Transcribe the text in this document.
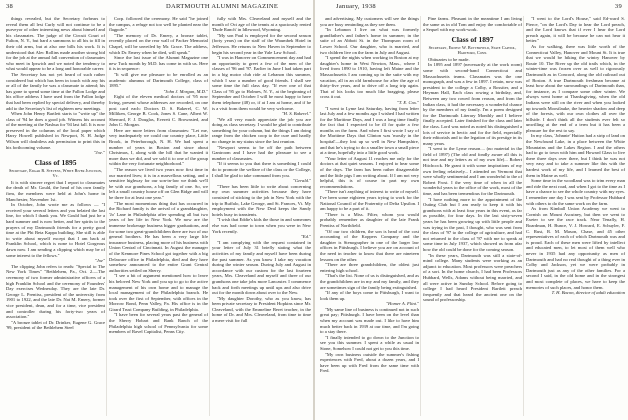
38	DARTMOUTH ALUMNI MAGAZINE	January, 1938	39

things revealed, but the Secretary forbears to reveal them all lest Curly will not continue to be a purveyor of other interesting news about himself and his classmates. The judge of the Circuit Court of Fulton, N. Y., but hard a summons to all his to fill in their old arms, but at also one bills his work. It is understood that Alec Rollins made another strong bid for the job at the annual fall convention of classmates who meet in Ipswich and we noted the tendency to what would appear to be a long and honorable career.

The Secretary has not yet heard of such rather considered but which has been in touch with any his or all of the family he was a classmate to attend; his has gone to spend some time at the Fallon Lodge and his office address I have used from the Fallon lodge that had been replied by special delivery, and thereby add to the Secretary's list of eighteen new meetings.

When John Henry Bartlett starts to "write up" the class of '94 he does a good job. Witness his account of the meeting at the Nashua for '94 last fall. It is now preserved in the columns of the local paper which Harry Howell published in Newport, N. H. Judge Wilson will doubtless ask permission to print this in his forthcoming volume.

"Joe."
Class of 1895
Secretary, Edgar R. Stevens, White River Junction, Vt.

It is with sincere regret that I report to classmates the death of Mr. Gould, the head of his own family firm, the members were held at John's home in Manchester, November 1st.

In October, John wrote me as follows — "I received your several letters and you belated the last line, for which I thank you. We Gould had just he a hard summer and is now better, and her spirits to the prayers of my Dartmouth friends for a pretty good time at the Phi Beta Kappa building. She still is able to write about myself except that I am back at Franklin School, which is none to Hotel Gorgeous dawn now. I am sending a clipping which may be of some interest to the fellows."

"Joe"

The clipping John refers to reads: "Special to The New York Times" "Bethlehem, Pa., Oct. 2.—The ceremony of two former administrative officers of a high Franklin School and the ceremony of Founders' Day exercises Wednesday. They are the late Dr. George L. Prentiss, president of the university from 1901 to 1922, and the late Dr. Nat M. Emery, former vice president, dean, and for a time, vice president and controller during his forty-two years of association."

"A bronze tablet of Dr. Drinker, Eugene G. Grace '99, president of the Bethlehem Steel

Corp. followed the ceremony. He said "he joined the campus, a refuge not too well be planted near the flagpole."

"The memory of Dr. Emery, a bronze tablet, recently placed on the rear wall of Packer Memorial Chapel, will be unveiled by Mr. Grace. The address, which Dr. Emery when he died, will speak."

Since the last issue of the Alumni Magazine one new Tuck month by M.D. has come in with us. Here it is in sequence:

"It will give me pleasure to be enrolled as an academic alumnus of Dartmouth College, class of 1895."

"John J. Morgan, M.D."

Eight of the eleven medical doctors of '95 now living, present whose addresses are recorded, on one post card each: Doctors D. S. Bakerel, C. W. Milliken, George B. Cook, Jones S. Cane, Albert W. Sherrard, F. J. Douglas, Everett C. Brownsted, and John C. Morgan.

Here are more letters from classmates: "Let me, very inadequately we could our country place, Little Brook, in Peterborough, N. H. We had spent a number of years in Boston and since about Christmas, I, along with the hill that he wanted it more than we did, and we sold it to one of the group within the very fortunate neighborhood."

"The reason we lived two years now first time in our married lives; it is in a marvellous setting, and a sensitive highway for our son-in-law we think we'll be with our grandsons, a big family of one. So, we left a small country house off on Glen Ridge and will be three for at least one year."

"The most momentous thing that has occurred in the Richard family is the arrival of a granddaughter, 'Jo' Lane in Philadelphia after spending all but two years of her life in New York. We now are the immense brokerage business bigger graduations, and for some two great-grandchildren there are two of our general brothers. He has been a very large life insurance business, placing more of his business with Union Central of Cincinnati. In August the manager of the Kenmore Pines School got together with a big Delaware office in Philadelphia, died and they have somehow announced to the entire Grant Central authorities settled on Sherry.

"I see a bit of argument mentioned how to leave his beloved New York and you up to go to the active management of his own home and to manage the local management of the Philadelphia branch. He took over the first of September, with offices in the Morrow Bond, Penn Valley, Pa. His office is in the Girard Trust Company Building, in Philadelphia.

"I have been for several years past the general of the Sherry Hobart and Bank Ranch of the Philadelphia high school of Pennsylvania for some members of Ravel Capitalist, Penns City.

fully with Mrs. Cleaveland and myself and the month of Oct age of the tennis at a spaciously rented 'Dude Ranch' in Idlewood, Wyoming.

"My son Paul is employed for the second season (forty years) on the staff of the Waumbek Hotel in Jefferson. He returns to New Haven in September to begin his second year in the Yale Law School.

"I was in Hanover on Commencement day and had an opportunity to greet a few of the men of the classes of '96 and '97. Earlier in June I had taken part in a big motor club ride at Lebanon this summer, which I saw a number of good friends. I shall see some time the full class day. "If ever one of that Class of '95 go to Holmes, N. Y., at the beginning of September and October I will be most happy to have them telephone (48) or, if at I am at home, and if he is a visit from them would be very welcome.

"H. S. Bakerel."

"We all very much appreciate the job you are doing as class secretary. I would be glad to contribute something for your column, but the things I am doing range from the chicken coop to the cure and hardly no change in my status since the last reunion.

"Newport seems to be off the path between Gantroom and I have had the pleasure to see a number of classmates.

"If it seems to you that there is something I could do to promote the welfare of the class or the College, I shall be glad to take command from you.

"Gerald."

"There has been little to write about concerning my own summer activities because they have consisted of sticking to the job in New York with the trip to Buffalo, Lake George, and St. Frances, Vt. My employment with the New Deal keeps the Sandy hotels busy in transients.

"I wish that Eddie's kids the those in and someones else was had come to town when you were in New York recently.

"Ed."

"I am complying with the request contained in your letter of July 31 briefly stating what the activities of my family and myself have been during the past summer. As you know I take my vacation during the winter season. During July and August in accordance with our custom for the last fourteen years, Mrs. Cleaveland and myself and three of our grandsons one take jobs more Lancaster. I commence back and forth meetings up until ups and also drive out for the month down about over to the New.

"My daughter Dorothy, who as you know, has been private secretary to President Hopkins since Mr. Cleaveland, with the Emmeline Beret teacher, in the home of Dr. and Mrs. Cleaveland, from time to time a mere visit for full

and advertising. My customers will see the things you are busy reminding as they see them.

"In Lebanon I live on what was formerly grandfather's and father's home in summer; in the suite of an Abbott St. in the Thompson room of Lower School. Our daughter, who is married, and two children live on the farm in July and August.

"I spend the nights when working in Boston at my daughter's home in West Newton, Mass., where I lived from 1890 to 1910, having left Maine and the Massachusetts I am coming up in the suite with my vacation, all in an old farmhouse for after the age of thirty-five years, and to drive off a long trip again. That of his looks too much like bragging, please cross it out.

"T. E. Cox."

"I went to Lyme last Saturday, having from letter last July and a few months ago I wished I had written for the Maritime Days, and I was a long time finally the fact that I expected to be ill for quite a few months on the farm. And when I first wrote I say of the Maritime Days that Clinton was 'mostly in the hospital'—they lost up so well in New Hampshire, and that he's trying to do a smaller town a small piece at a time, hopefully into a little good work.

"Your letter of August 11 reaches me only for the doctors at that quiet seasons. I enjoyed to hear some of the days. The farm has been rather disagreeable and the little pigs I am writing about. If I am not very helpful, this is of course in part my own recommendations.

"There isn't anything of interest to write of myself. I've been some eighteen years trying to work for the National Council of the Fraternity of Delta Upsilon. I am happy to be a part of it.

"There is a Miss. Filter, whom you would probably remember as daughter of the late Frank Prentiss of Northfield.

"Of our two children, the son is head of the cost accounting of the Koppers Company and the daughter is Stenographer in one of the larger law offices in Pittsburgh. I believe you are on account of the need in teacher to know that there are nineteen lessons on the other.

"There are three grandchildren, the oldest just entering high school.

"That's the list. None of us is distinguished, and as the grandchildren are in my and my family, and they are sometimes sign of the family being extinguished.

"If any of the boys come to Pittsburgh, I want to look them up.

"Homer A. Flint."

"My same line of business is continued not in such great pay; Pittsburgh. I have been on the level than when my account was made out. I like to have him much better back in 1939 at our time, and I'm going to a stay there.

"I finally intended to go down to the Junction to see you this summer. I spent a while as usual in Stone, Somehow I could not get to you this time.

"My own business outside the summer's fishing experiences with Fred, about a dozen years, and I have been up with Fred from the same time with Fred.

Pine farms. Pleasant in the meantime I am living the same as in old Tom and enjoy the comfortable of a Sequel with my work-work.

Class of 1897
Secretary, Ernest W. Butterfield, State Capitol, Hartford, Conn.

Obituaries to be made.

In 1895 and 1897 (necessarily at the work room) some with second-hand Connecticut and Massachusetts teams. Classmates was the one monograph, and was a few in 1897. I retain, now was president to the college a Colby, a Rossiter, and a Heyman Hall, Each class rowing a birthday, and, Between any two rowed from reason, and from the Indian class, it had the necessary a wonderful chance by the members of my family. I'm a poem designed for the Dartmouth Literary Monthly and I believe finally accepted. Later finished for the class and later the class. Lord was noted as noted his distinguished a lots of service in hectic and for the field, especially their editorials and to the legation of its prestige in its many years.

"I went to the Lyme reason.... (no material in the field of 1897) (The old and fondly aware all this is not true and my letters as of my own life)... Robert Hitchcock. He grant it with some inspirations of my own feeling relatively... I attended on Vermont that were wholly sentimental and I am wonderful to the of Robert Frost. I the very time of when in all the wonderful years to the office of the work, most of the time, and has been tremendous for the Dartmouth.

"I have nothing more to the appointment of the Outing Club but I am ready to keep it with his grandsons with at least four years in this event, as far as possible, for four days. In the last sixty-seven years he has been growing up with little people and was trying in the past, I thought, who was sent from the class of '97 to the college of agriculture, and had not returned to the class of '97 with me to speak at some time in July 1937, which showed us from afar how the old could be done for the coming season.

"In these years, Dartmouth was still a state-of-mind college. Many students were working as an adjunct to education. Most professors were preachers of a sort. In the home church, I had been Professors Hubbard, Wells, Adams without being married, and all were active in Sunday School. Before going to college I had heard President Bartlett preach frequently and that heard the ancient one on the sound of professorship.

"I went to the Lord's House," said Ed-ward S. Pierce, "on the Lord's Day to hear the Lord preach, and the Lord knows that if ever I hear the Lord preach again, it will be because he can not hear it better."

As for walking, there was little worth of the Connecticut Valley, Hanover and Mount St. It is true that we would be hiking the wintry Hanover by Route 10. The River up the old trails which, in the winter-time was frozen over as well to rigorously Dartmouth as in Concord, along the old railroad out of Boston. A true Dartmouth freshman became at least bow about the surroundings of Dartmouth than, for instance, as I compare some other winter. We always went home at Thanksgiving, when the old Indians were still on the river and when you looked up towards Moosilauke, the heavier shadow and deep of the forests, with our own clothes all over the hillside. I don't think all the students ever felt so unwilling at the end of a term but it has been a pleasure for the rest to say.

In my class, 'Johnnie' Hutton had a strip of land on the Newfound Lake, in a place between the White Mountains and the Lakes Region. I and the others had to go to town with him and Howard Glass to live there three days over there, but I think he was not very easy and to take a summer like this with the hardest work of my life, and I learned the best of them in Maine as well.

Some time in the woodland was to trim every man and ride the next road, and when I got to the time as I have a chance to see the whole country with my eyes. I remember one day I was sent by Professor Hubbard with others to do the same work on the farm.

As from Kimball Union Academy we went to Cornish on Mount Ascutney, but then we went to Exeter to see the race track. Near Tenafly, H. Boardman, H. Bunce, V. J. Howard, E. Schuyler, F. C. Rust, R. M. Mason, Chase, and 45 other representatives of each of which Dartmouth was and is proud. Each of these men were lifted by intellect and educated men, to let most of them well who never in 1935 had any opportunity as men of Dartmouth and had no real thought of a thing ever in Colby and Jackson, yet we were probably in Dartmouth just as any of the other families. For a second I said, in the old home and in the strongest and most complete of places, we have to keep the memories of such places, and honor them.

T. H. Bacon, director of adult education
